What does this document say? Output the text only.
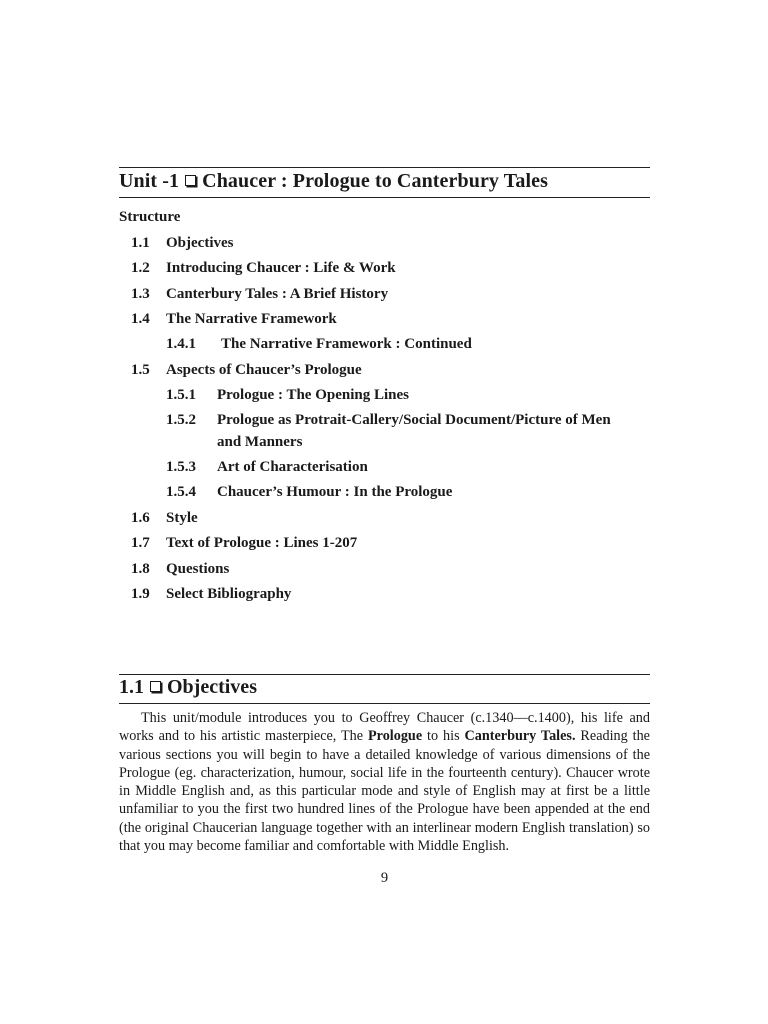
Unit -1 Chaucer : Prologue to Canterbury Tales
Structure
1.1 Objectives
1.2 Introducing Chaucer : Life & Work
1.3 Canterbury Tales : A Brief History
1.4 The Narrative Framework
1.4.1 The Narrative Framework : Continued
1.5 Aspects of Chaucer’s Prologue
1.5.1 Prologue : The Opening Lines
1.5.2 Prologue as Protrait-Callery/Social Document/Picture of Men
and Manners
1.5.3 Art of Characterisation
1.5.4 Chaucer’s Humour : In the Prologue
1.6 Style
1.7 Text of Prologue : Lines 1-207
1.8 Questions
1.9 Select Bibliography
1.1 Objectives
This unit/module introduces you to Geoffrey Chaucer (c.1340—c.1400), his life and works and to his artistic masterpiece, The Prologue to his Canterbury Tales. Reading the various sections you will begin to have a detailed knowledge of various dimensions of the Prologue (eg. characterization, humour, social life in the fourteenth century). Chaucer wrote in Middle English and, as this particular mode and style of English may at first be a little unfamiliar to you the first two hundred lines of the Prologue have been appended at the end (the original Chaucerian language together with an interlinear modern English translation) so that you may become familiar and comfortable with Middle English.
9
